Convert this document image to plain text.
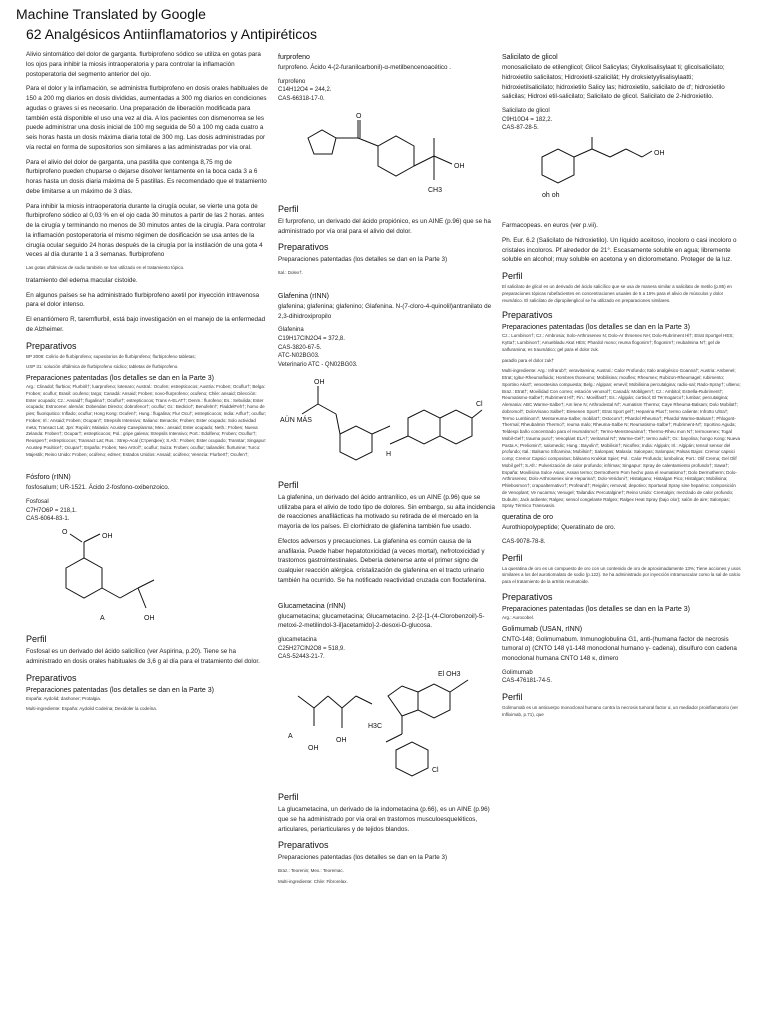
Machine Translated by Google
62 Analgésicos Antiinflamatorios y Antipiréticos

Alivio sintomático del dolor de garganta. flurbiprofeno sódico se utiliza en gotas para los ojos para inhibir la miosis intraoperatoria y para controlar la inflamación postoperatoria del segmento anterior del ojo.

Para el dolor y la inflamación, se administra flurbiprofeno en dosis orales habituales de 150 a 200 mg diarios en dosis divididas, aumentadas a 300 mg diarios en condiciones agudas o graves si es necesario. Una preparación de liberación modificada para también está disponible el uso una vez al día. A los pacientes con dismenorrea se les puede administrar una dosis inicial de 100 mg seguida de 50 a 100 mg cada cuatro a seis horas hasta un dosis máxima diaria total de 300 mg. Las dosis administradas por vía rectal en forma de supositorios son similares a las administradas por vía oral.

Para el alivio del dolor de garganta, una pastilla que contenga 8,75 mg de flurbiprofeno pueden chuparse o dejarse disolver lentamente en la boca cada 3 a 6 horas hasta un dosis diaria máxima de 5 pastillas. Es recomendado que el tratamiento debe limitarse a un máximo de 3 días.

Para inhibir la miosis intraoperatoria durante la cirugía ocular, se vierte una gota de flurbiprofeno sódico al 0,03 % en el ojo cada 30 minutos a partir de las 2 horas. antes de la cirugía y terminando no menos de 30 minutos antes de la cirugía. Para controlar la inflamación postoperatoria el mismo régimen de dosificación se usa antes de la cirugía ocular seguido 24 horas después de la cirugía por la instilación de una gota 4 veces al día durante 1 a 3 semanas. flurbiprofeno

Las gotas oftálmicas de sodio también se han utilizado en el tratamiento tópico.

tratamiento del edema macular cistoide.

En algunos países se ha administrado flurbiprofeno axetil por inyección intravenosa para el dolor intenso.

El enantiómero R, taremflurbil, está bajo investigación en el manejo de la enfermedad de Alzheimer.

Preparativos
BP 2008: Colirio de flurbiprofeno; supositorios de flurbiprofeno; flurbiprofeno tabletas;
USP 31: solución oftálmica de flurbiprofeno sódico; tabletas de flurbiprofeno.
Preparaciones patentadas (los detalles se dan en la Parte 3)
Arg.: Clinadol; flurbiox; Flurbiril†; luarprofeno; lotenaro; Austral.: Ocufen; estrepticocos; Austria: Froben; Ocuflur†; Belga: Froben; ocuflur; Brasil: ocufeno; targo; Canadá: Ansaid; Froben; novo-flurprofeno; ocufeno; Chile: ansaid; Dilección: Ester ocupado; Cz.: Ansaid†; flugalina†; Ocuflur†; estrepticocos; Trans A-ELAT†; Denm.: flurofeno; Es.: Sebulida; Ester ocupado; Estrocene: alemán: Dobendan Directo; dobrofenor†; ocuflur; Gr.: Bedicio†; Benufelm†; FladdelFeh†; homo de pies; fluoriquitico: Inflado; ocuflur; Hong Kong: Ocufen†; Hung.: flugalina; Flur Ocu†; estrepticocos; India: Arflur†; ocuflur; Froben; Irl.: Ansaid; Froben; Ocupan†; Strepsils Intensivo; Italiano: Benactiv; Froben; Ester ocupado; Solo actividad meta; Transact Lat; Jpn: Ropión; Malasia: Acustep Caseplasma; Mex.: ansaid; Ester ocupado; Neth.: Froben; Nueva Zelanda: Froben†; Ocupar†; estrepticocos; Pol.: gripe galena; Strepsils Intensivo; Port.: Edolfeno; Froben; Ocuflur†; Reuspen†; estrepticocos; Transact Lat; Rus.: Strep-Acal (Стрепфен); S.Afr.: Froben; Ester ocupado; Transtar; Singapur: Acustep Poultice†; Ocupar†; España: Froben; Neo Artrol†; ocuflur; Suiza: Froben; ocuflur; tailandés: flurtunine; Turco: Majestik; Reino Unido: Froben; ocúfeno; edmer; Estados Unidos: Ansaid; ocúfeno; Venezia: Flurbert†; Ocufen†;
Fósforo (rINN)

fosfosalum; UR-1521. Ácido 2-fosfono-oxibenzoico.

Fosfosal
C7H7O6P = 218,1.
CAS-6064-83-1.
OH
O
A	OH
Perfil

Fosfosal es un derivado del ácido salicílico (ver Aspirina, p.20). Tiene se ha administrado en dosis orales habituales de 3,6 g al día para el tratamiento del dolor.

Preparativos
Preparaciones patentadas (los detalles se dan en la Parte 3)
España: Aydolid; dashoner; Protalgia.
Multi-ingrediente: España: Aydolid Codeína; Dexidoler la codeína.
furprofeno

furprofeno. Ácido 4-(2-furanilcarbonil)-α-metilbencenoacético .

furprofeno
C14H12O4 = 244,2.
CAS-66318-17-0.
O
OH
CH3
Perfil

El furprofeno, un derivado del ácido propiónico, es un AINE (p.96) que se ha administrado por vía oral para el alivio del dolor.

Preparativos

Preparaciones patentadas (los detalles se dan en la Parte 3)

Ital.: Dolex†.
Glafenina (rINN)

glafenina; glafenina; glafenino; Glafenina. N-(7-cloro-4-quinolil)antranilato de 2,3-dihidroxipropilo

Glafenina
C19H17ClN2O4 = 372,8.
CAS-3820-67-5.
ATC-N02BG03.
Veterinario ATC - QN02BG03.
OH
AÜN MÁS
H
Cl
Perfil

La glafenina, un derivado del ácido antranílico, es un AINE (p.96) que se utilizaba para el alivio de todo tipo de dolores. Sin embargo, su alta incidencia de reacciones anafilácticas ha motivado su retirada de el mercado en la mayoría de los países. El clorhidrato de glafenina también fue usado.

Efectos adversos y precauciones. La glafenina es común causa de la anafilaxia. Puede haber hepatotoxicidad (a veces mortal), nefrotoxicidad y trastornos gastrointestinales. Debería detenerse ante el primer signo de cualquier reacción alérgica. cristalización de glafenina en el tracto urinario también ha ocurrido. Se ha notificado reactividad cruzada con floctafenina.

Glucametacina (rINN)

glucametacina; glucametacina; Glucametacino. 2-[2-[1-(4-Clorobenzoil)-5-metoxi-2-metilindol-3-il]acetamido]-2-desoxi-D-glucosa.

glucametacina
C25H27ClN2O8 = 518,9.
CAS-52443-21-7.
El OH3
H3C
A
OH
OH
Cl
Perfil

La glucametacina, un derivado de la indometacina (p.66), es un AINE (p.96) que se ha administrado por vía oral en trastornos musculoesqueléticos, articulares, periarticulares y de tejidos blandos.

Preparativos

Preparaciones patentadas (los detalles se dan en la Parte 3)

Braz.: Teorenin; Mex.: Teoremac.
Multi-ingrediente: Chile: Fibrorelax.
Salicilato de glicol

monosalicilato de etilenglicol; Glicol Salicylas; Glykolisalisylaat ti; glicolsalicilato; hidroxietilo salicilatos; Hidroxietil-szalicilát; Hy droksietyylisalisylaatti; hidroxietilsalicilato; hidroxietilo Salicy las; hidroxietilo, salicilato de d'; hidroxietilo salicilas; Hidroxi etil-salicilato; Salicilato de glicol. Salicilato de 2-hidroxietilo.

Salicilato de glicol
C9H10O4 = 182,2.
CAS-87-28-5.
oh oh
OH

Farmacopeas. en euros (ver p.vii).

Ph. Eur. 6.2 (Salicilato de hidroxietilo). Un líquido aceitoso, incoloro o casi incoloro o cristales incoloros. Pf alrededor de 21°. Escasamente soluble en agua; libremente soluble en alcohol; muy soluble en acetona y en diclorometano. Proteger de la luz.

Perfil
El salicilato de glicol es un derivado del ácido salicílico que se usa de manera similar a salicilato de metilo (p.85) en preparaciones tópicas rubefacientes en concentraciones usuales de 5 a 15% para el alivio de músculos y dolor reumático. El salicilato de dipropilenglicol se ha utilizado en preparaciones similares.
Preparativos
Preparaciones patentadas (los detalles se dan en la Parte 3)
Cz.: Lumbinon†; Cz.: Ambrosia; Solo-Arthrosenex N; Dolo-Ar thrsenex NH; Dolo-Rubriment Hl†; Etrat Sportgel HES; Kytta†; Lumbinon†; Amuebladu Akut HES; Phardol mono; reuma flogonim†; flogonim†; reubalmina N†; gel de salfuramina; es traumático; gel para el dolor zuk.
paradlo para el dolor zuk†
Multi-ingrediente: Arg.: Infrarub†; veravitamina; Austral.: Calor Profundo; Italo analgésico Goanna†; Austria: Ambenel; Etrat; Igitur-Rheumafluido; Hombres thoreumo; Mobilisina; mouflex; Rheumex; Rubizon-Rheumagel; rubimento; Sportino Akut†; venostesina compuesta; Belg.: Algipan; emevil; Mobilisina percutalgina; radio-sal; Rado-Spray†; ultieno; Braz.: Etrat†; Movilidad Con correo; estación venosol†; Canadá: Mobilgem†; Cz.: Ambitol; Estrella-Rubriment†; Reumatismo-Salbe†; Rubriment Hl†; Fin.: Movilfast†; Es.: Algipán; cortisol; El Termogarco†; lumbar; percutalgina; Alemania: ABC Warme-Salbe†; Am lene N; Arthrodestal N†; Aumatism Thermo; Caye Rheuma-Balsam; Dolo Mobilat†; dobromol†; DoloVisano Salbe†; Elesenen Sport†; Etrat Sport gel†; Heparina Plus†; termo caliente; Infrotto Ultra†; Termo Lumbinom†; Mentoreuma-Salbe; mobilat†; Ostocom†; Phardol Rheuma†; Phardol Warme-Balsam†; Phlogont-Thermal; Rheubalmin Thermo†; reuma malo; Rheuma-Salbe N; Reumatismo-Salbe†; Rubriment-N†; Sportino Aguda; Teldespi baño concentrado para el reumatismo†; Termo-Menstreuaima†; Thermo-Rheu mon N†; termoxenex; Togal Mobil-Gel†; trauma puro†; Venoplant ELA†; Veritarsal N†; Warme-Gel†; termo auki†; Gr.: bayolina; hongo Kong: Nueva Pasta A; Preliomin†; salomedic; Hung.: Bayolin†; Mobilisin†; Nicoflex; India: Algipán; Irl.: Algipán; tensol sensor del profundo; Ital.: Balsamo Sifcamina; Mobilsin†; Salonpas; Malasia: Salonpas; Salonpas; Palsas Bajos: Cremor capsici comp; Cremor Capsici compositus; bálsamo Krukkat Spier; Pol.: Calor Profundo; lumbolina; Port.: Olif Crema; Gel Olif Mobil gel†; S.Afr.: Pulverización de calor profundo; infrimas; Singapur: Spray de calentamiento profundo†; Sawa†; España: Movilisina Sulce Asian; Assan termo; Dermotherm Pom hecho para el reumatismo†; Dolo Dermotherm; Dolo-Arthrosenex; Dolo-Arthrosenex sine Heparina†; Dolo-Veridoni†; Histalgano; Histalgan Pico; Histalgan; Mobilisina; Phlebosmon†; crapoalternativo†; Profeand†; Reigián; removal; depotivo; Sportusal Spray sine heparino; composición de Venoplant; Ve nucarma; Venugel; Tailandia: Percutalgine†; Reino Unido: Cremalgin; mezclado de calor profundo; Dubulm; Jack ardiente; Ralgex; sensol congelante Ralgex; Ralgex Heat Spray (bajo olor); salón de aire; Salonpas; Spray Térmico Transvasin.
queratina de oro

Aurothiopolypeptide; Queratinato de oro.

CAS-9078-78-8.
Perfil
La queratina de oro es un compuesto de oro con un contenido de oro de aproximadamente 13%; Tiene acciones y usos similares a los del aurotiomalato de sodio (p.122). Se ha administrado por inyección intramuscular como la sal de calcio para el tratamiento de la artritis reumatoide.
Preparativos
Preparaciones patentadas (los detalles se dan en la Parte 3)
Arg.: Aurocobel.
Golimumab (USAN, rINN)

CNTO-148; Golimumabum. Inmunoglobulina G1, anti-(humana factor de necrosis tumoral α) (CNTO 148 γ1-148 monoclonal humano γ- cadena), disulfuro con cadena monoclonal humana CNTO 148 κ, dímero

Golimumab
CAS-476181-74-5.
Perfil
Golimumab es un anticuerpo monoclonal humano contra la necrosis tumoral factor α, un mediador proinflamatorio (ver Infliximab, p.71), que
